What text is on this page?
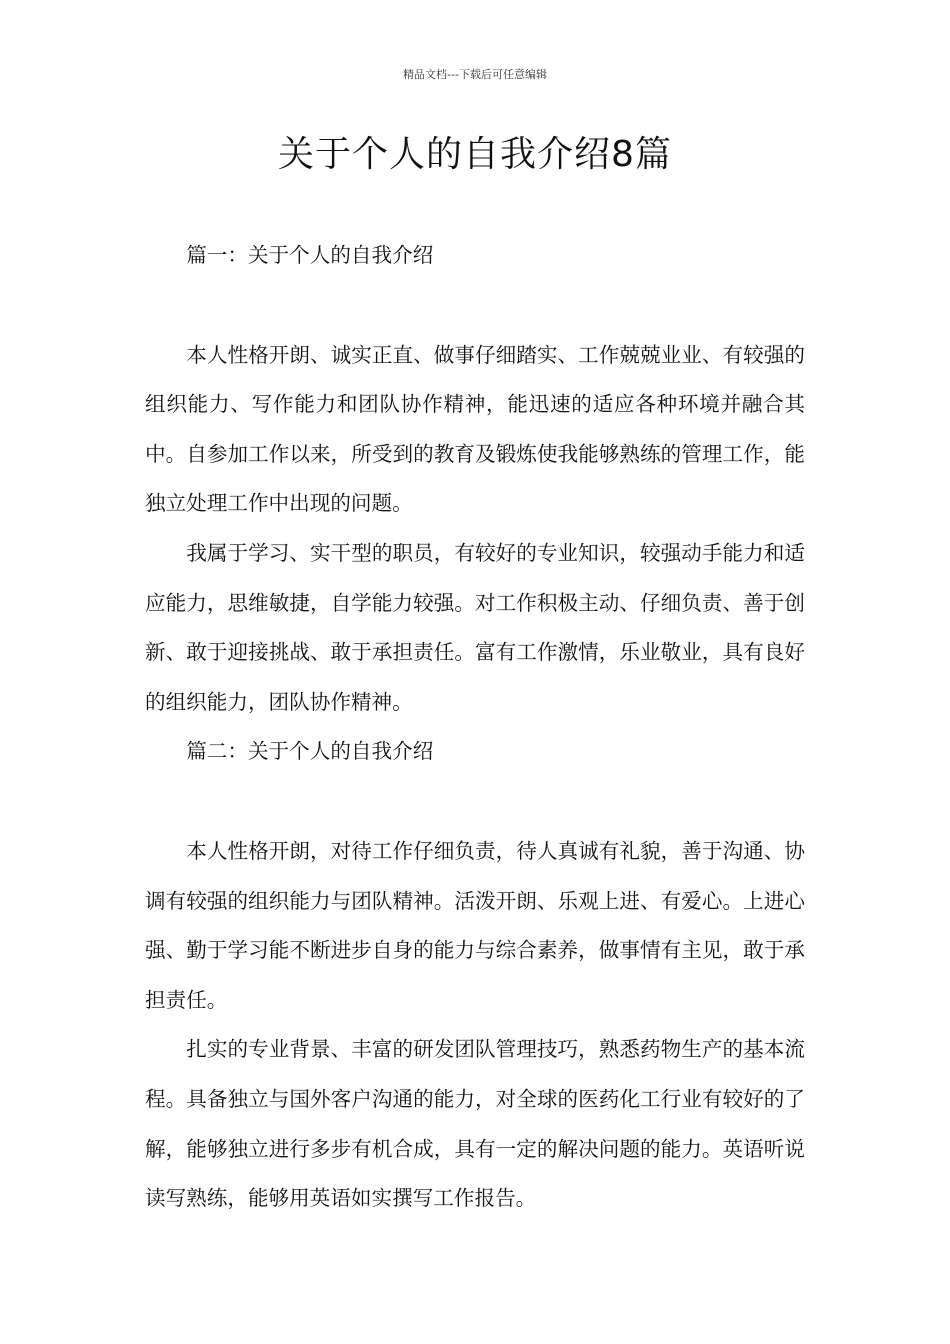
精品文档---下载后可任意编辑
关于个人的自我介绍8篇
篇一：关于个人的自我介绍

本人性格开朗、诚实正直、做事仔细踏实、工作兢兢业业、有较强的组织能力、写作能力和团队协作精神，能迅速的适应各种环境并融合其中。自参加工作以来，所受到的教育及锻炼使我能够熟练的管理工作，能独立处理工作中出现的问题。

我属于学习、实干型的职员，有较好的专业知识，较强动手能力和适应能力，思维敏捷，自学能力较强。对工作积极主动、仔细负责、善于创新、敢于迎接挑战、敢于承担责任。富有工作激情，乐业敬业，具有良好的组织能力，团队协作精神。

篇二：关于个人的自我介绍

本人性格开朗，对待工作仔细负责，待人真诚有礼貌，善于沟通、协调有较强的组织能力与团队精神。活泼开朗、乐观上进、有爱心。上进心强、勤于学习能不断进步自身的能力与综合素养，做事情有主见，敢于承担责任。

扎实的专业背景、丰富的研发团队管理技巧，熟悉药物生产的基本流程。具备独立与国外客户沟通的能力，对全球的医药化工行业有较好的了解，能够独立进行多步有机合成，具有一定的解决问题的能力。英语听说读写熟练，能够用英语如实撰写工作报告。
